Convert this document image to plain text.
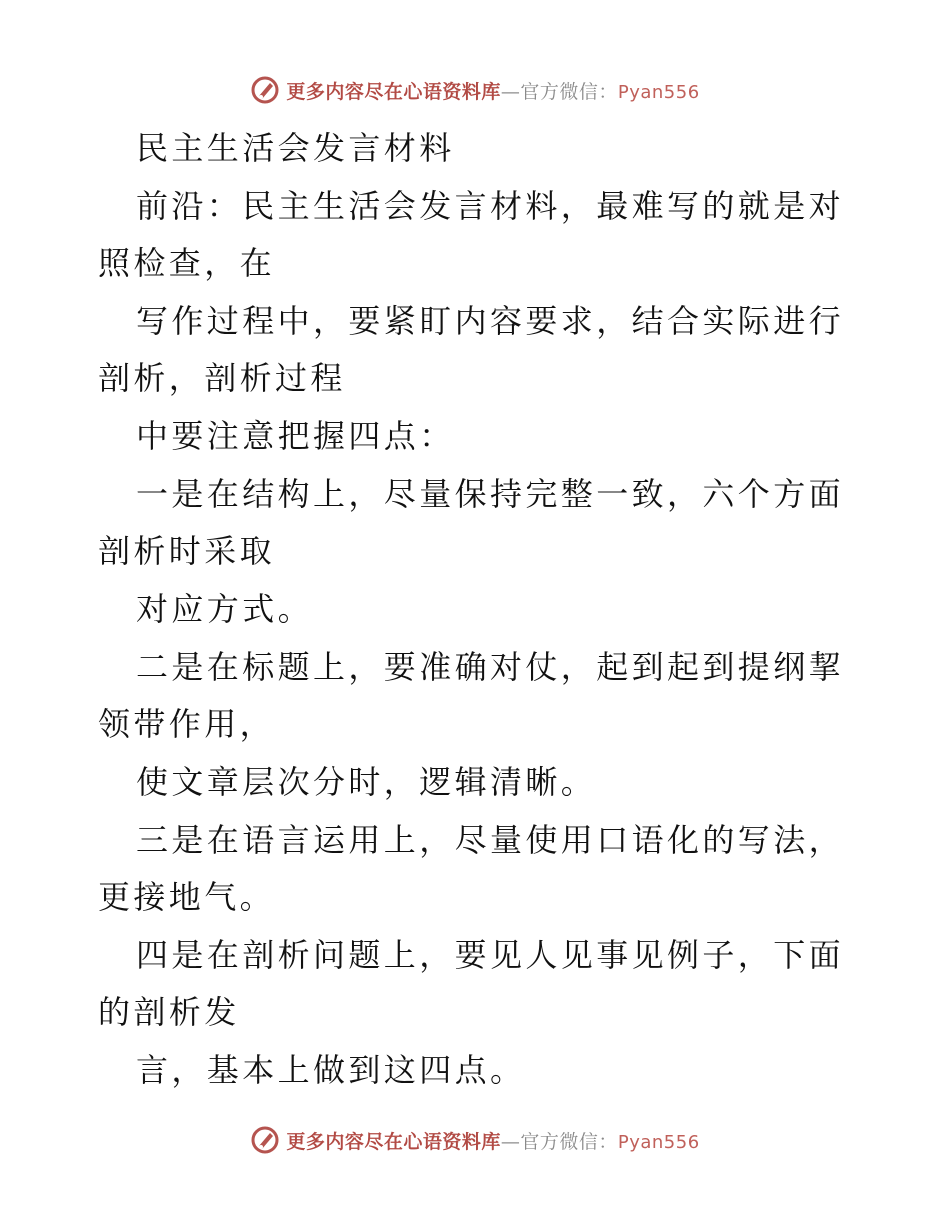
更多内容尽在心语资料库—官方微信：Pyan556

民主生活会发言材料

前沿：民主生活会发言材料，最难写的就是对照检查，在

写作过程中，要紧盯内容要求，结合实际进行剖析，剖析过程

中要注意把握四点：

一是在结构上，尽量保持完整一致，六个方面剖析时采取

对应方式。

二是在标题上，要准确对仗，起到起到提纲挈领带作用，

使文章层次分时，逻辑清晰。

三是在语言运用上，尽量使用口语化的写法，更接地气。

四是在剖析问题上，要见人见事见例子，下面的剖析发

言，基本上做到这四点。

更多内容尽在心语资料库—官方微信：Pyan556
